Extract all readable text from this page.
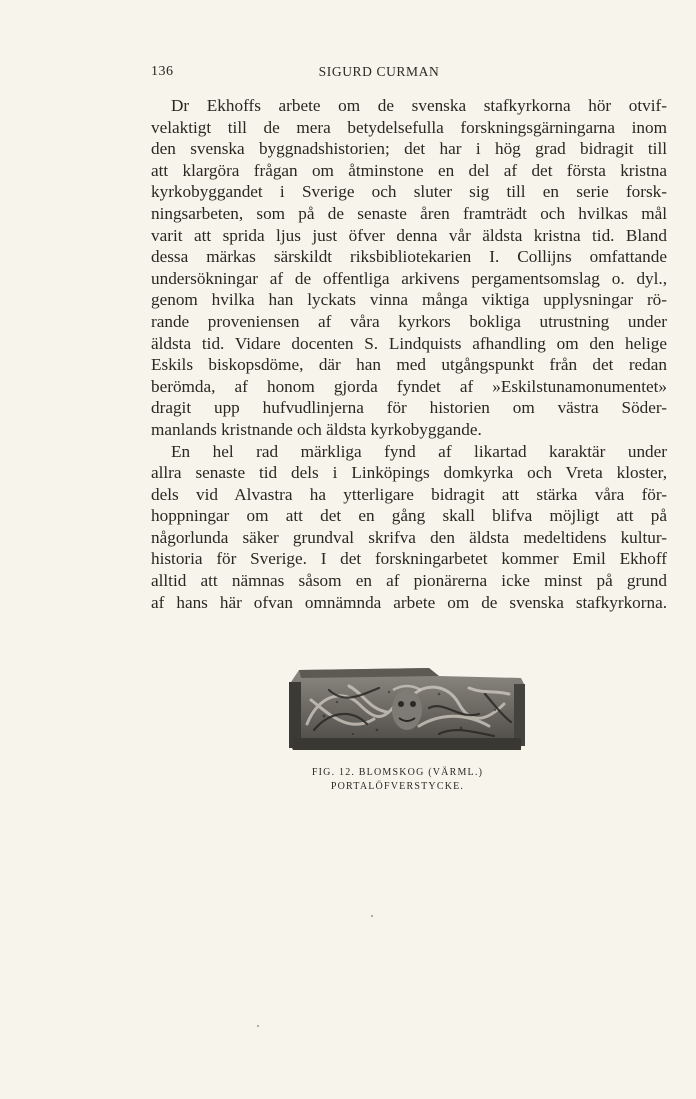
136	SIGURD CURMAN
Dr Ekhoffs arbete om de svenska stafkyrkorna hör otvif-
velaktigt till de mera betydelsefulla forskningsgärningarna inom
den svenska byggnadshistorien; det har i hög grad bidragit till
att klargöra frågan om åtminstone en del af det första kristna
kyrkobyggandet i Sverige och sluter sig till en serie forsk-
ningsarbeten, som på de senaste åren framträdt och hvilkas mål
varit att sprida ljus just öfver denna vår äldsta kristna tid. Bland
dessa märkas särskildt riksbibliotekarien I. Collijns omfattande
undersökningar af de offentliga arkivens pergamentsomslag o. dyl.,
genom hvilka han lyckats vinna många viktiga upplysningar rö-
rande proveniensen af våra kyrkors bokliga utrustning under
äldsta tid. Vidare docenten S. Lindquists afhandling om den helige
Eskils biskopsdöme, där han med utgångspunkt från det redan
berömda, af honom gjorda fyndet af »Eskilstunamonumentet»
dragit upp hufvudlinjerna för historien om västra Söder-
manlands kristnande och äldsta kyrkobyggande.
En hel rad märkliga fynd af likartad karaktär under
allra senaste tid dels i Linköpings domkyrka och Vreta kloster,
dels vid Alvastra ha ytterligare bidragit att stärka våra för-
hoppningar om att det en gång skall blifva möjligt att på
någorlunda säker grundval skrifva den äldsta medeltidens kultur-
historia för Sverige. I det forskningarbetet kommer Emil Ekhoff
alltid att nämnas såsom en af pionärerna icke minst på grund
af hans här ofvan omnämnda arbete om de svenska stafkyrkorna.
FIG. 12. BLOMSKOG (VÄRML.)
PORTALÖFVERSTYCKE.
